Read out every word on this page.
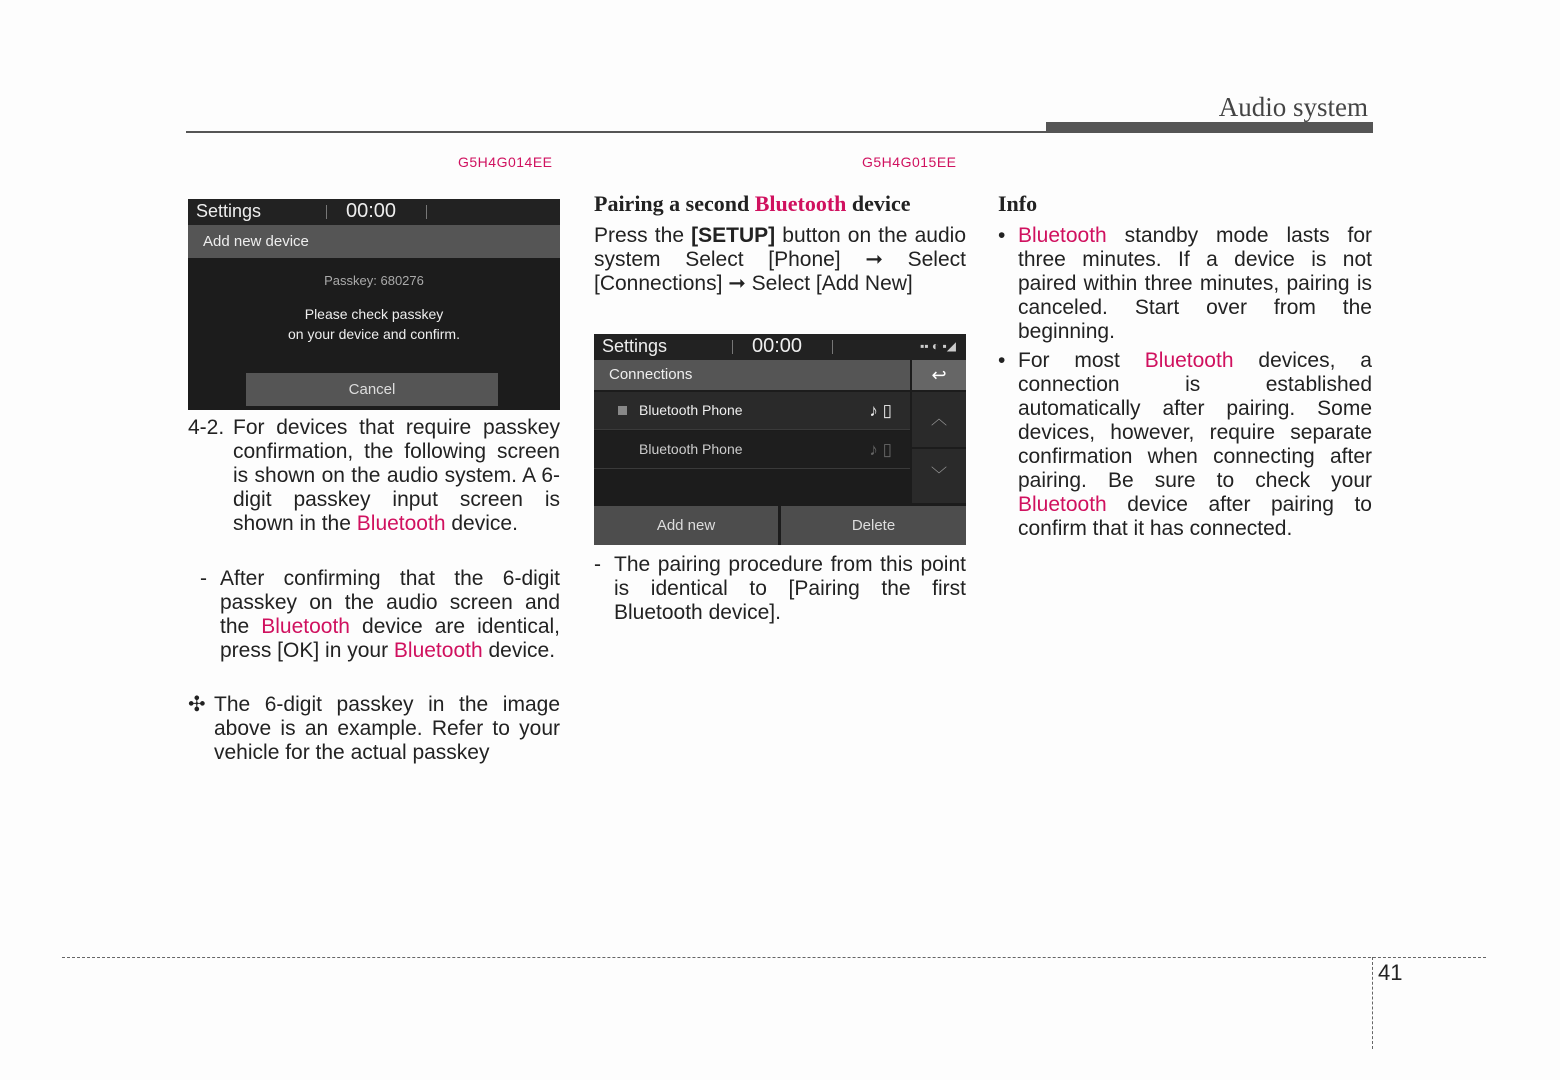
Audio system
G5H4G014EE	G5H4G015EE
Settings	00:00
Add new device
Passkey: 680276
Please check passkey
on your device and confirm.
Cancel
4-2. For devices that require passkey confirmation, the following screen is shown on the audio system. A 6-digit passkey input screen is shown in the Bluetooth device.
- After confirming that the 6-digit passkey on the audio screen and the Bluetooth device are identical, press [OK] in your Bluetooth device.
✣ The 6-digit passkey in the image above is an example. Refer to your vehicle for the actual passkey
Pairing a second Bluetooth device
Press the [SETUP] button on the audio system Select [Phone] ➞ Select [Connections] ➞ Select [Add New]
Settings	00:00	▪▪ ◐ ▪◢
Connections	↩
Bluetooth Phone	♪ ▯
Bluetooth Phone	♪ ▯
︿
﹀
Add new	Delete
- The pairing procedure from this point is identical to [Pairing the first Bluetooth device].
Info
• Bluetooth standby mode lasts for three minutes. If a device is not paired within three minutes, pairing is canceled. Start over from the beginning.
• For most Bluetooth devices, a connection is established automatically after pairing. Some devices, however, require separate confirmation when connecting after pairing. Be sure to check your Bluetooth device after pairing to confirm that it has connected.
41
